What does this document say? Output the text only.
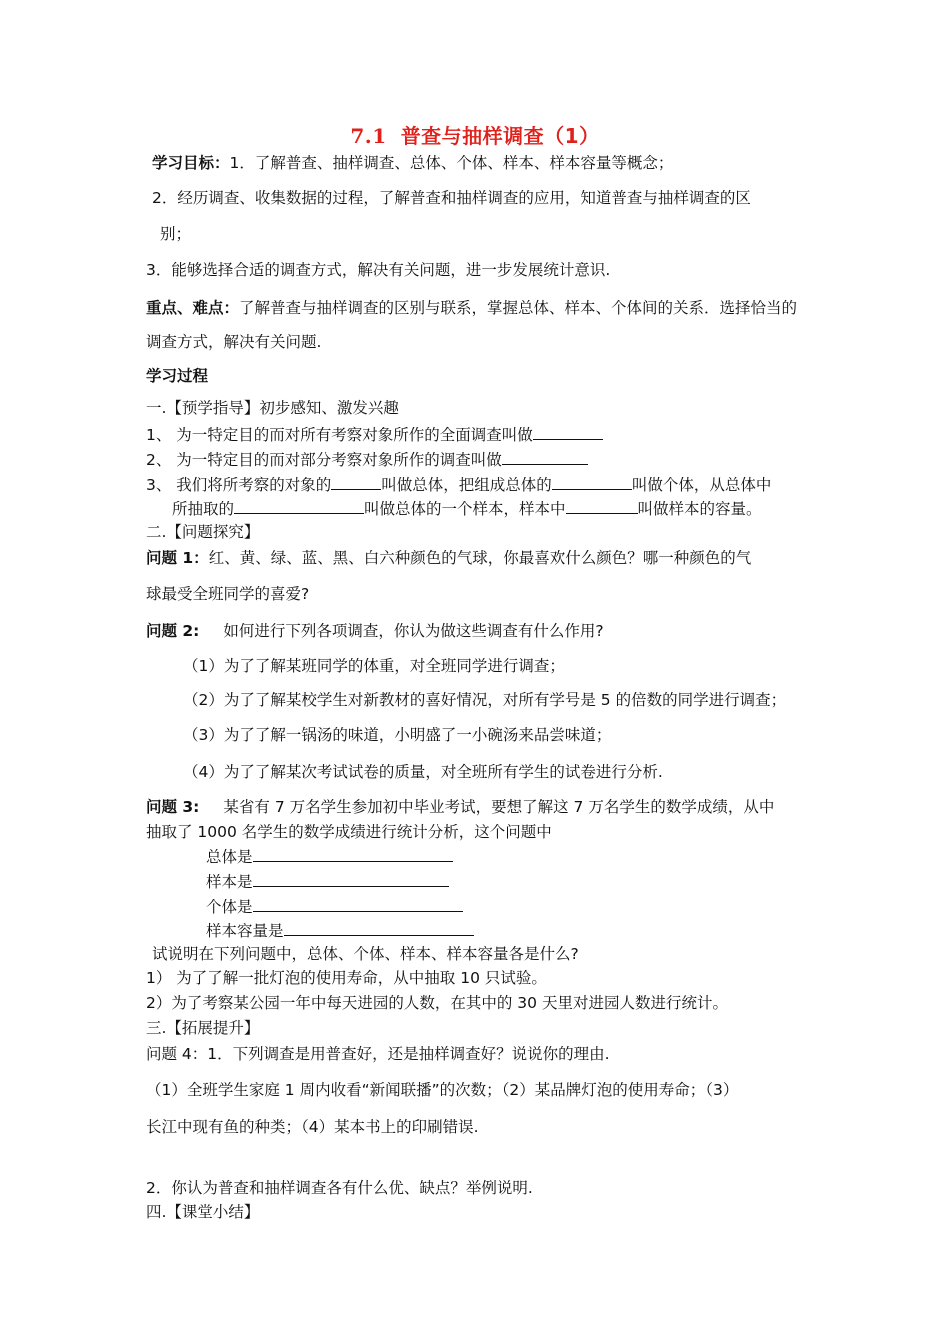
7.1 普查与抽样调查（1）
学习目标：1．了解普查、抽样调查、总体、个体、样本、样本容量等概念；
2．经历调查、收集数据的过程，了解普查和抽样调查的应用，知道普查与抽样调查的区
别；
3．能够选择合适的调查方式，解决有关问题，进一步发展统计意识.
重点、难点：了解普查与抽样调查的区别与联系，掌握总体、样本、个体间的关系．选择恰当的
调查方式，解决有关问题.
学习过程
一.【预学指导】初步感知、激发兴趣
1、 为一特定目的而对所有考察对象所作的全面调查叫做
2、 为一特定目的而对部分考察对象所作的调查叫做
3、 我们将所考察的对象的	叫做总体，把组成总体的	叫做个体，从总体中
所抽取的	叫做总体的一个样本，样本中	叫做样本的容量。
二.【问题探究】
问题 1：红、黄、绿、蓝、黑、白六种颜色的气球，你最喜欢什么颜色？哪一种颜色的气
球最受全班同学的喜爱?
问题 2: 如何进行下列各项调查，你认为做这些调查有什么作用?
（1）为了了解某班同学的体重，对全班同学进行调查；
（2）为了了解某校学生对新教材的喜好情况，对所有学号是 5 的倍数的同学进行调查；
（3）为了了解一锅汤的味道，小明盛了一小碗汤来品尝味道；
（4）为了了解某次考试试卷的质量，对全班所有学生的试卷进行分析.
问题 3: 某省有 7 万名学生参加初中毕业考试，要想了解这 7 万名学生的数学成绩，从中
抽取了 1000 名学生的数学成绩进行统计分析，这个问题中
总体是
样本是
个体是
样本容量是
试说明在下列问题中，总体、个体、样本、样本容量各是什么?
1） 为了了解一批灯泡的使用寿命，从中抽取 10 只试验。
2）为了考察某公园一年中每天进园的人数，在其中的 30 天里对进园人数进行统计。
三.【拓展提升】
问题 4：1．下列调查是用普查好，还是抽样调查好？说说你的理由.
（1）全班学生家庭 1 周内收看“新闻联播”的次数；（2）某品牌灯泡的使用寿命；（3）
长江中现有鱼的种类；（4）某本书上的印刷错误.
2．你认为普查和抽样调查各有什么优、缺点？举例说明.
四.【课堂小结】
